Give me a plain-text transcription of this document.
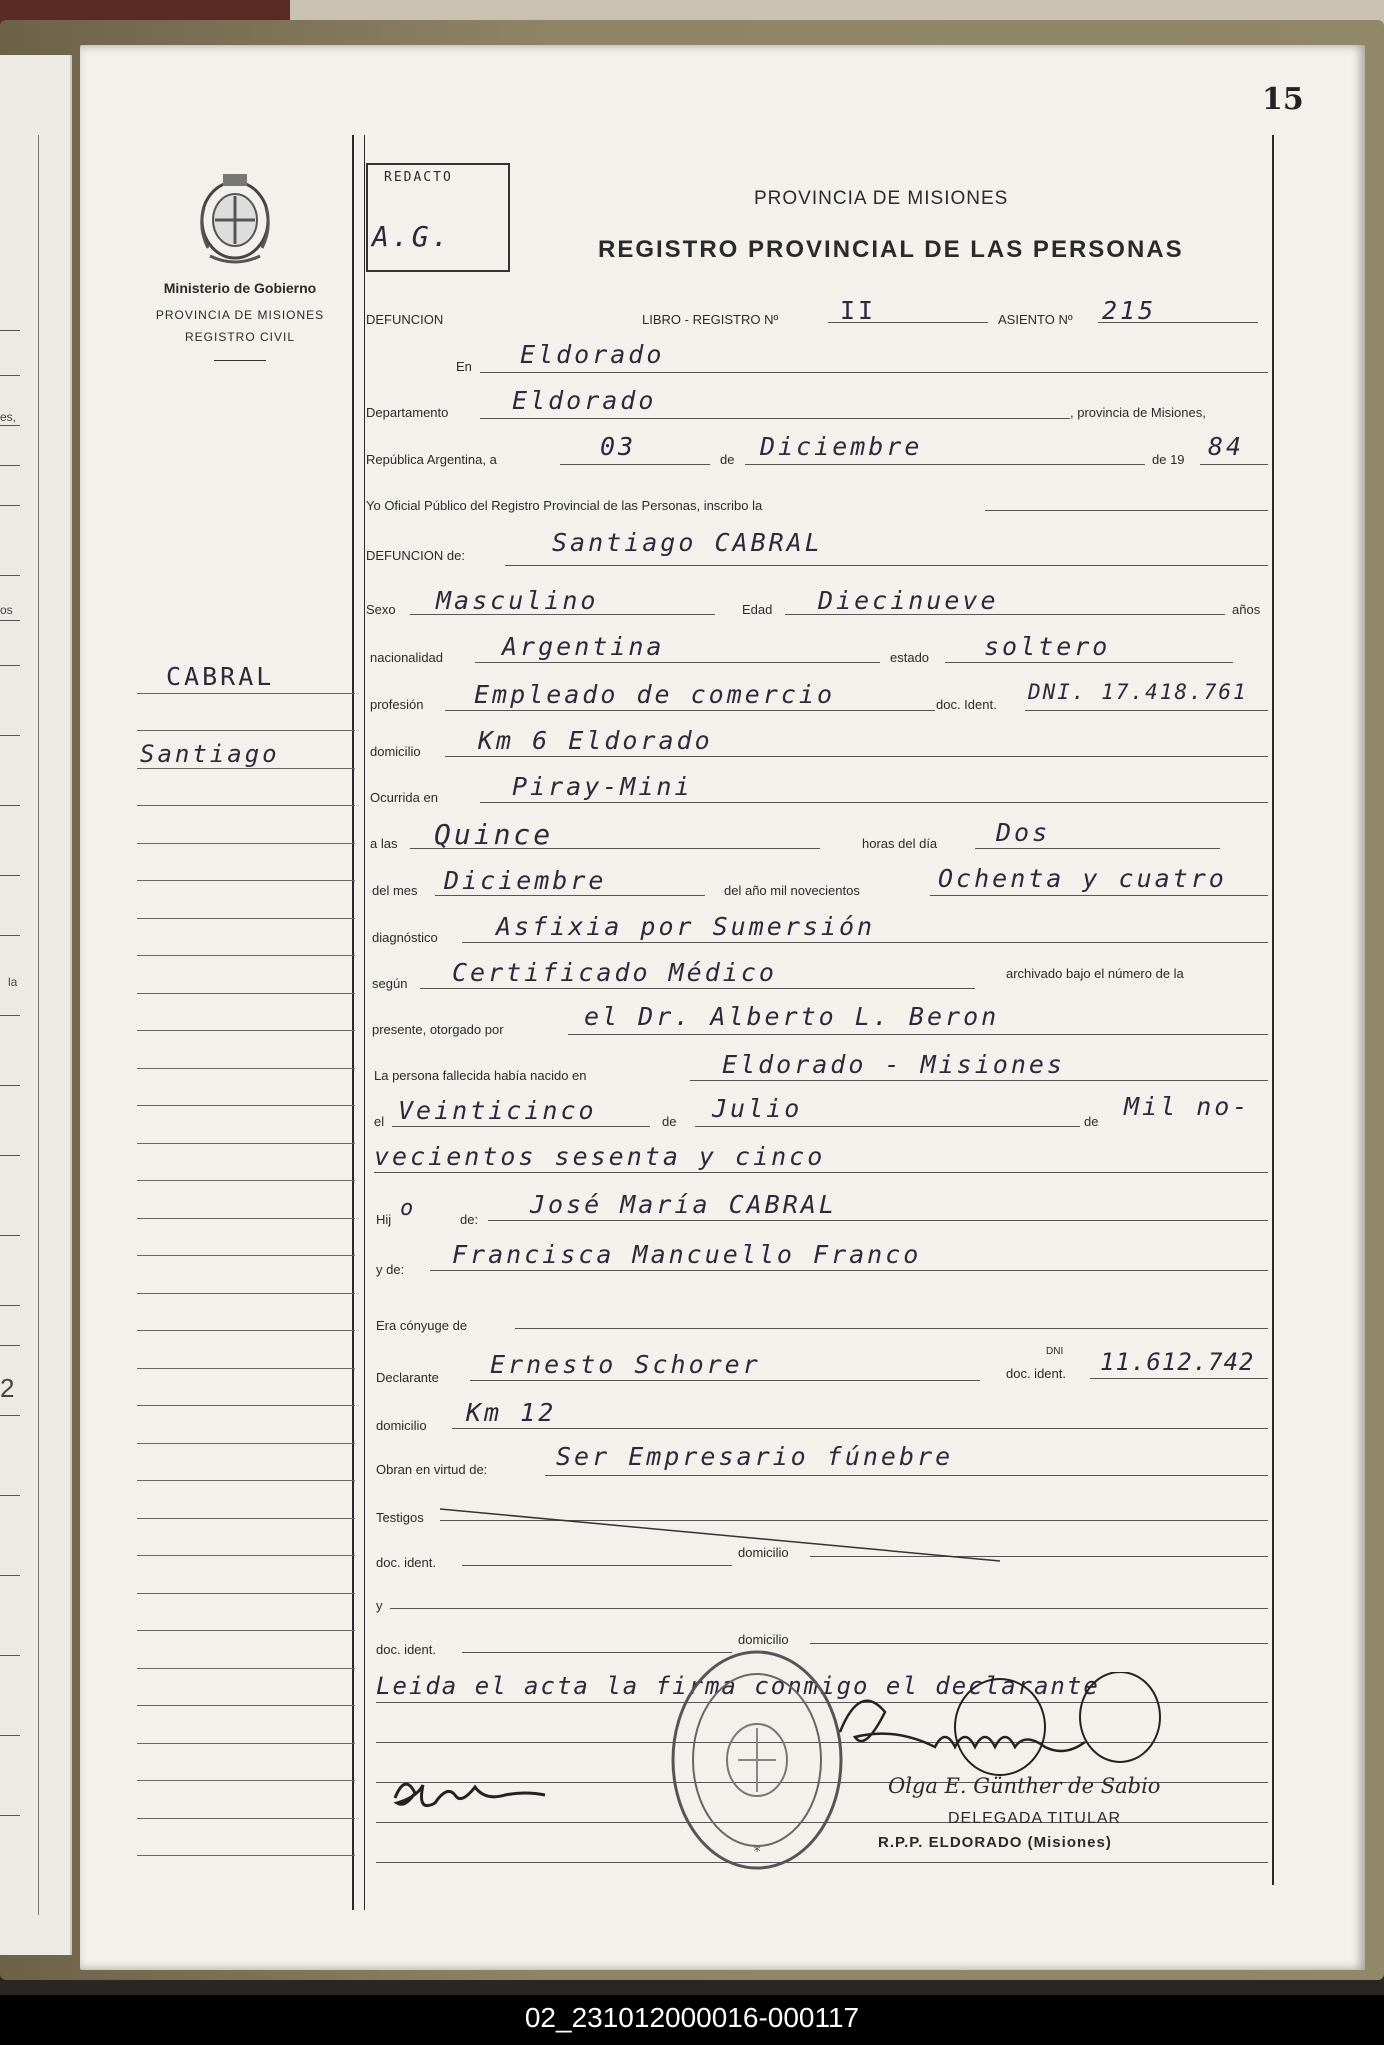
es,
os
la
2
15
Ministerio de Gobierno
PROVINCIA DE MISIONES
REGISTRO CIVIL
REDACTO
A.G.
PROVINCIA DE MISIONES
REGISTRO PROVINCIAL DE LAS PERSONAS
CABRAL
Santiago
DEFUNCION	LIBRO - REGISTRO Nº II	ASIENTO Nº 215
En Eldorado
Departamento	Eldorado	, provincia de Misiones,
República Argentina, a	03	de Diciembre	de 19 84
Yo Oficial Público del Registro Provincial de las Personas, inscribo la
DEFUNCION de:	Santiago CABRAL
Sexo Masculino	Edad Diecinueve	años
nacionalidad Argentina	estado soltero
profesión Empleado de comercio	doc. Ident.
DNI. 17.418.761
domicilio Km 6 Eldorado
Ocurrida en	Piray-Mini
a las Quince	horas del día Dos
del mes Diciembre	del año mil novecientos	Ochenta y cuatro
diagnóstico Asfixia por Sumersión
según Certificado Médico	archivado bajo el número de la
presente, otorgado por	el Dr. Alberto L. Beron
La persona fallecida había nacido en	Eldorado - Misiones
el Veinticinco	de Julio	de
Mil no-
vecientos sesenta y cinco
Hij o	de:
José María CABRAL
y de:
Francisca Mancuello Franco
Era cónyuge de
Declarante Ernesto Schorer	doc. ident.
DNI 11.612.742
domicilio Km 12
Obran en virtud de:	Ser Empresario fúnebre
Testigos
doc. ident.
domicilio
y
doc. ident.
domicilio
Leida el acta la firma conmigo el declarante
*
Olga E. Günther de Sabio
DELEGADA TITULAR
R.P.P. ELDORADO (Misiones)
02_231012000016-000117
